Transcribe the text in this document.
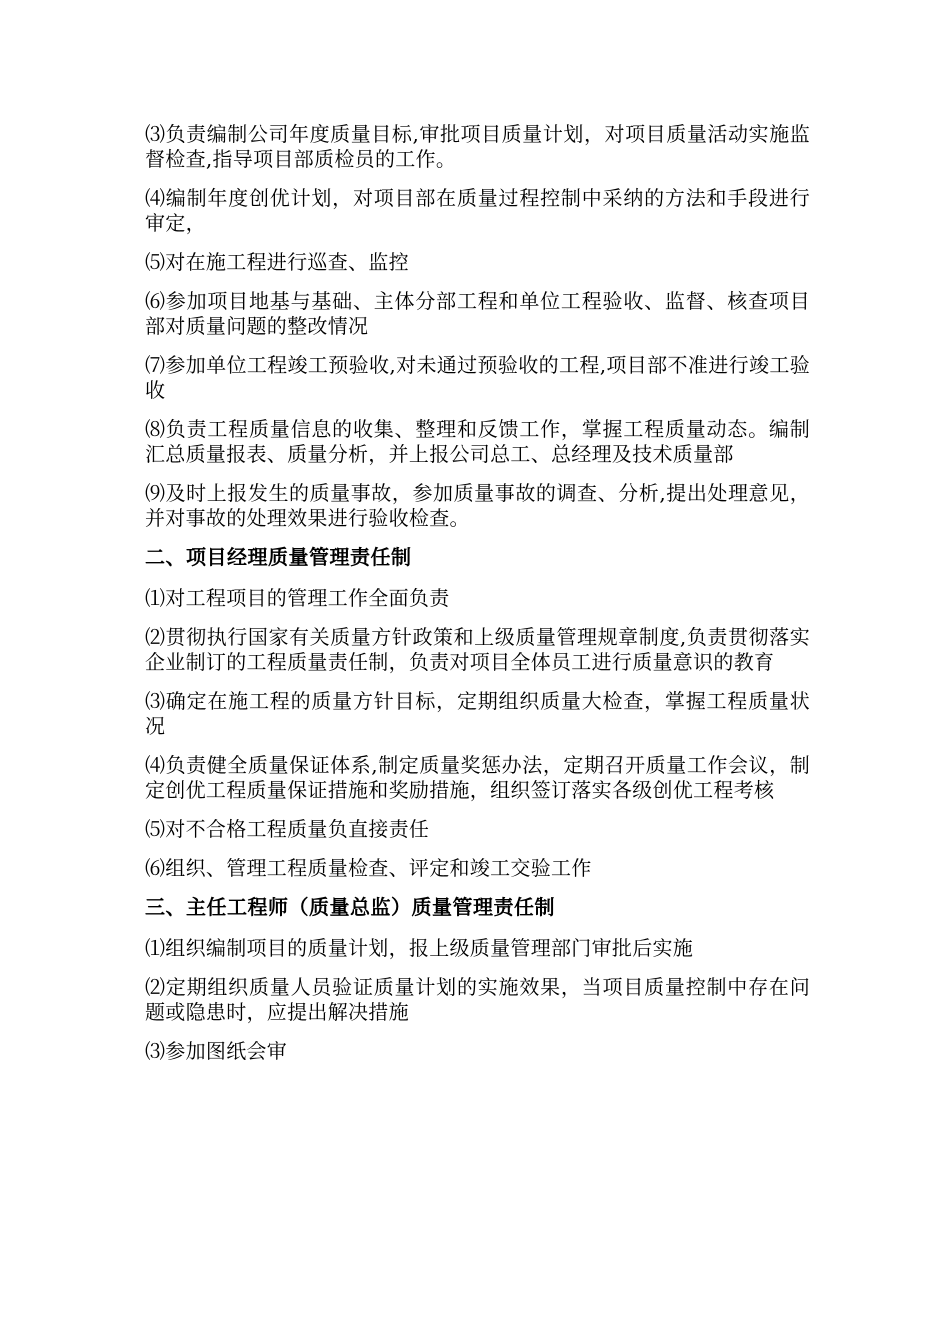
⑶负责编制公司年度质量目标,审批项目质量计划，对项目质量活动实施监督检查,指导项目部质检员的工作。

⑷编制年度创优计划，对项目部在质量过程控制中采纳的方法和手段进行审定，

⑸对在施工程进行巡查、监控

⑹参加项目地基与基础、主体分部工程和单位工程验收、监督、核查项目部对质量问题的整改情况

⑺参加单位工程竣工预验收,对未通过预验收的工程,项目部不准进行竣工验收

⑻负责工程质量信息的收集、整理和反馈工作，掌握工程质量动态。编制汇总质量报表、质量分析，并上报公司总工、总经理及技术质量部

⑼及时上报发生的质量事故，参加质量事故的调查、分析,提出处理意见，并对事故的处理效果进行验收检查。

二、项目经理质量管理责任制

⑴对工程项目的管理工作全面负责

⑵贯彻执行国家有关质量方针政策和上级质量管理规章制度,负责贯彻落实企业制订的工程质量责任制，负责对项目全体员工进行质量意识的教育

⑶确定在施工程的质量方针目标，定期组织质量大检查，掌握工程质量状况

⑷负责健全质量保证体系,制定质量奖惩办法，定期召开质量工作会议，制定创优工程质量保证措施和奖励措施，组织签订落实各级创优工程考核

⑸对不合格工程质量负直接责任

⑹组织、管理工程质量检查、评定和竣工交验工作

三、主任工程师（质量总监）质量管理责任制

⑴组织编制项目的质量计划，报上级质量管理部门审批后实施

⑵定期组织质量人员验证质量计划的实施效果，当项目质量控制中存在问题或隐患时，应提出解决措施

⑶参加图纸会审
